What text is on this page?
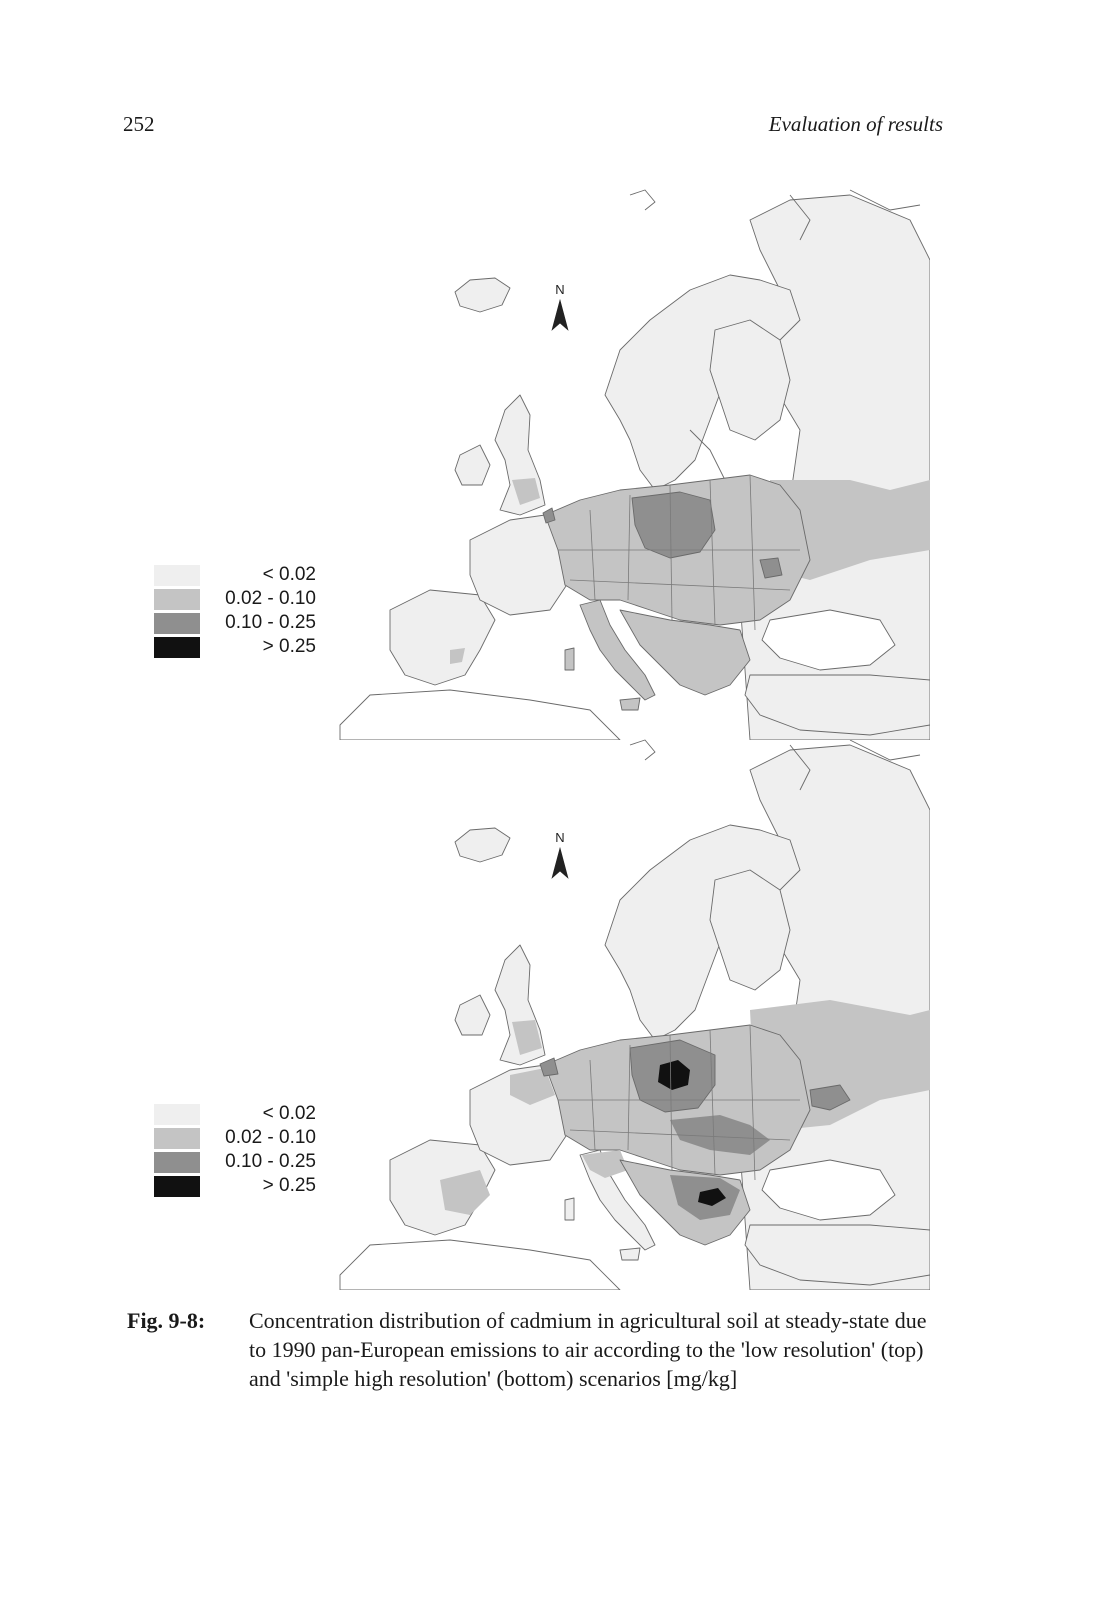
252	Evaluation of results
N
< 0.02
0.02 - 0.10
0.10 - 0.25
> 0.25
N
< 0.02
0.02 - 0.10
0.10 - 0.25
> 0.25
Fig. 9-8: Concentration distribution of cadmium in agricultural soil at steady-state due to 1990 pan-European emissions to air according to the 'low resolution' (top) and 'simple high resolution' (bottom) scenarios [mg/kg]
